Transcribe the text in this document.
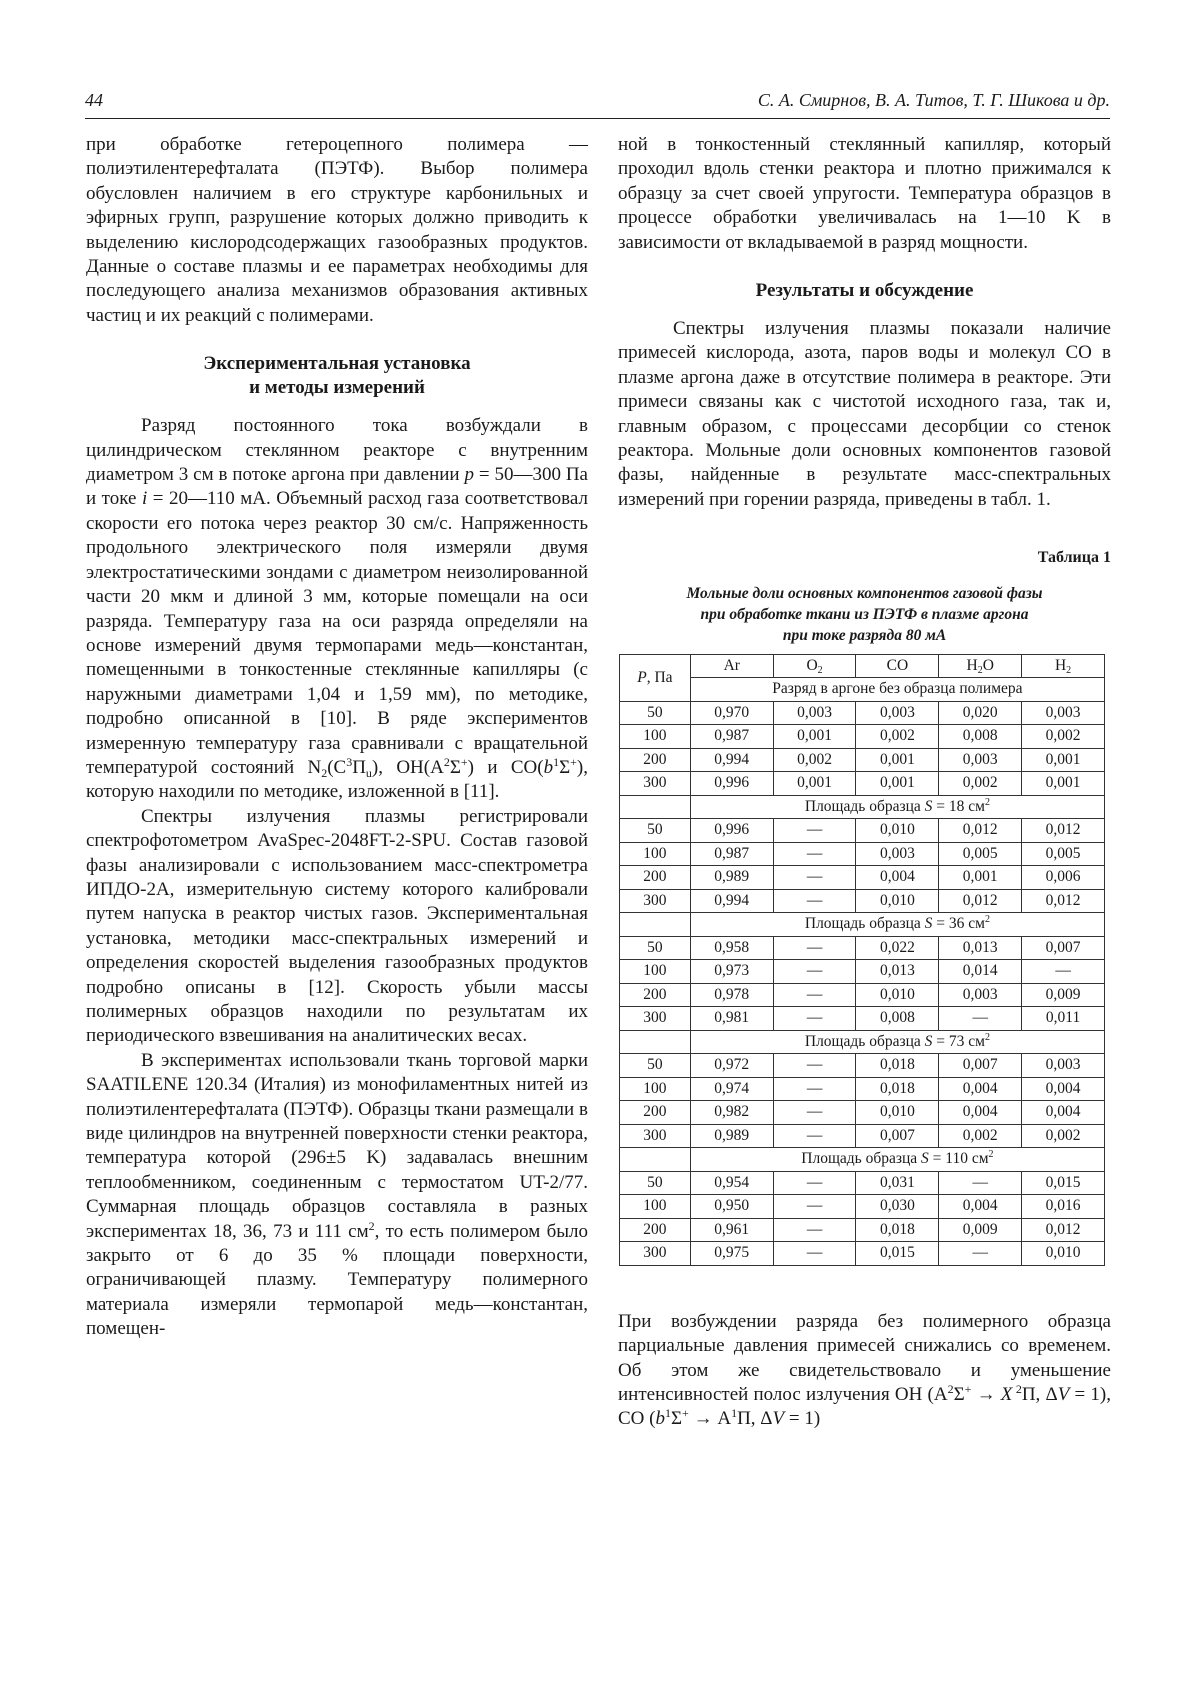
44	С. А. Смирнов, В. А. Титов, Т. Г. Шикова и др.

при обработке гетероцепного полимера — полиэтилентерефталата (ПЭТФ). Выбор полимера обусловлен наличием в его структуре карбонильных и эфирных групп, разрушение которых должно приводить к выделению кислородсодержащих газообразных продуктов. Данные о составе плазмы и ее параметрах необходимы для последующего анализа механизмов образования активных частиц и их реакций с полимерами.

Экспериментальная установка
и методы измерений

Разряд постоянного тока возбуждали в цилиндрическом стеклянном реакторе с внутренним диаметром 3 см в потоке аргона при давлении p = 50—300 Па и токе i = 20—110 мА. Объемный расход газа соответствовал скорости его потока через реактор 30 см/с. Напряженность продольного электрического поля измеряли двумя электростатическими зондами с диаметром неизолированной части 20 мкм и длиной 3 мм, которые помещали на оси разряда. Температуру газа на оси разряда определяли на основе измерений двумя термопарами медь—константан, помещенными в тонкостенные стеклянные капилляры (с наружными диаметрами 1,04 и 1,59 мм), по методике, подробно описанной в [10]. В ряде экспериментов измеренную температуру газа сравнивали с вращательной температурой состояний $N_2(C^3П_u)$, $OH(A^2\Sigma^+)$ и $CO(b^1\Sigma^+)$, которую находили по методике, изложенной в [11].

Спектры излучения плазмы регистрировали спектрофотометром AvaSpec-2048FT-2-SPU. Состав газовой фазы анализировали с использованием масс-спектрометра ИПДО-2А, измерительную систему которого калибровали путем напуска в реактор чистых газов. Экспериментальная установка, методики масс-спектральных измерений и определения скоростей выделения газообразных продуктов подробно описаны в [12]. Скорость убыли массы полимерных образцов находили по результатам их периодического взвешивания на аналитических весах.

В экспериментах использовали ткань торговой марки SAATILENE 120.34 (Италия) из монофиламентных нитей из полиэтилентерефталата (ПЭТФ). Образцы ткани размещали в виде цилиндров на внутренней поверхности стенки реактора, температура которой (296±5 K) задавалась внешним теплообменником, соединенным с термостатом UT-2/77. Суммарная площадь образцов составляла в разных экспериментах 18, 36, 73 и 111 $см^2$, то есть полимером было закрыто от 6 до 35 % площади поверхности, ограничивающей плазму. Температуру полимерного материала измеряли термопарой медь—константан, помещен-

ной в тонкостенный стеклянный капилляр, который проходил вдоль стенки реактора и плотно прижимался к образцу за счет своей упругости. Температура образцов в процессе обработки увеличивалась на 1—10 K в зависимости от вкладываемой в разряд мощности.

Результаты и обсуждение

Спектры излучения плазмы показали наличие примесей кислорода, азота, паров воды и молекул CO в плазме аргона даже в отсутствие полимера в реакторе. Эти примеси связаны как с чистотой исходного газа, так и, главным образом, с процессами десорбции со стенок реактора. Мольные доли основных компонентов газовой фазы, найденные в результате масс-спектральных измерений при горении разряда, приведены в табл. 1.

Таблица 1

Мольные доли основных компонентов газовой фазы
при обработке ткани из ПЭТФ в плазме аргона
при токе разряда 80 мА

P, Па	Ar	O2	CO	H2O	H2
	Разряд в аргоне без образца полимера				
50	0,970	0,003	0,003	0,020	0,003
100	0,987	0,001	0,002	0,008	0,002
200	0,994	0,002	0,001	0,003	0,001
300	0,996	0,001	0,001	0,002	0,001
	Площадь образца S = 18 $см^2$
50	0,996	—	0,010	0,012	0,012
100	0,987	—	0,003	0,005	0,005
200	0,989	—	0,004	0,001	0,006
300	0,994	—	0,010	0,012	0,012
	Площадь образца S = 36 $см^2$
50	0,958	—	0,022	0,013	0,007
100	0,973	—	0,013	0,014	—
200	0,978	—	0,010	0,003	0,009
300	0,981	—	0,008	—	0,011
	Площадь образца S = 73 $см^2$
50	0,972	—	0,018	0,007	0,003
100	0,974	—	0,018	0,004	0,004
200	0,982	—	0,010	0,004	0,004
300	0,989	—	0,007	0,002	0,002
	Площадь образца S = 110 $см^2$
50	0,954	—	0,031	—	0,015
100	0,950	—	0,030	0,004	0,016
200	0,961	—	0,018	0,009	0,012
300	0,975	—	0,015	—	0,010

При возбуждении разряда без полимерного образца парциальные давления примесей снижались со временем. Об этом же свидетельствовало и уменьшение интенсивностей полос излучения OH ($A^2\Sigma^+ \to X$ $^2$П, ΔV = 1), CO ($b^1\Sigma^+ \to A^1П$, ΔV = 1)
